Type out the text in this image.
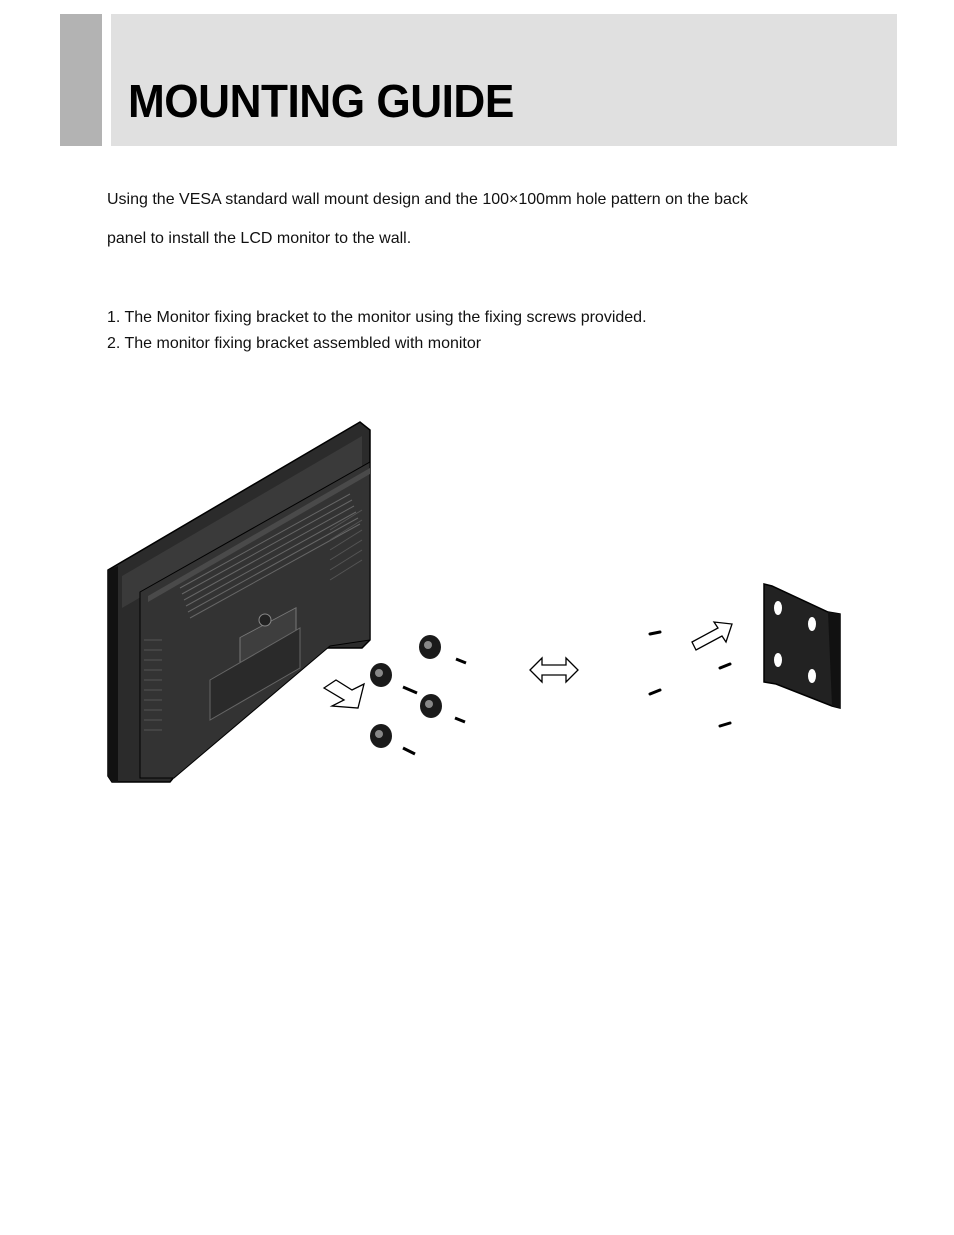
MOUNTING GUIDE
Using the VESA standard wall mount design and the 100×100mm hole pattern on the back
panel to install the LCD monitor to the wall.
1. The Monitor fixing bracket to the monitor using the fixing screws provided.
2. The monitor fixing bracket assembled with monitor
